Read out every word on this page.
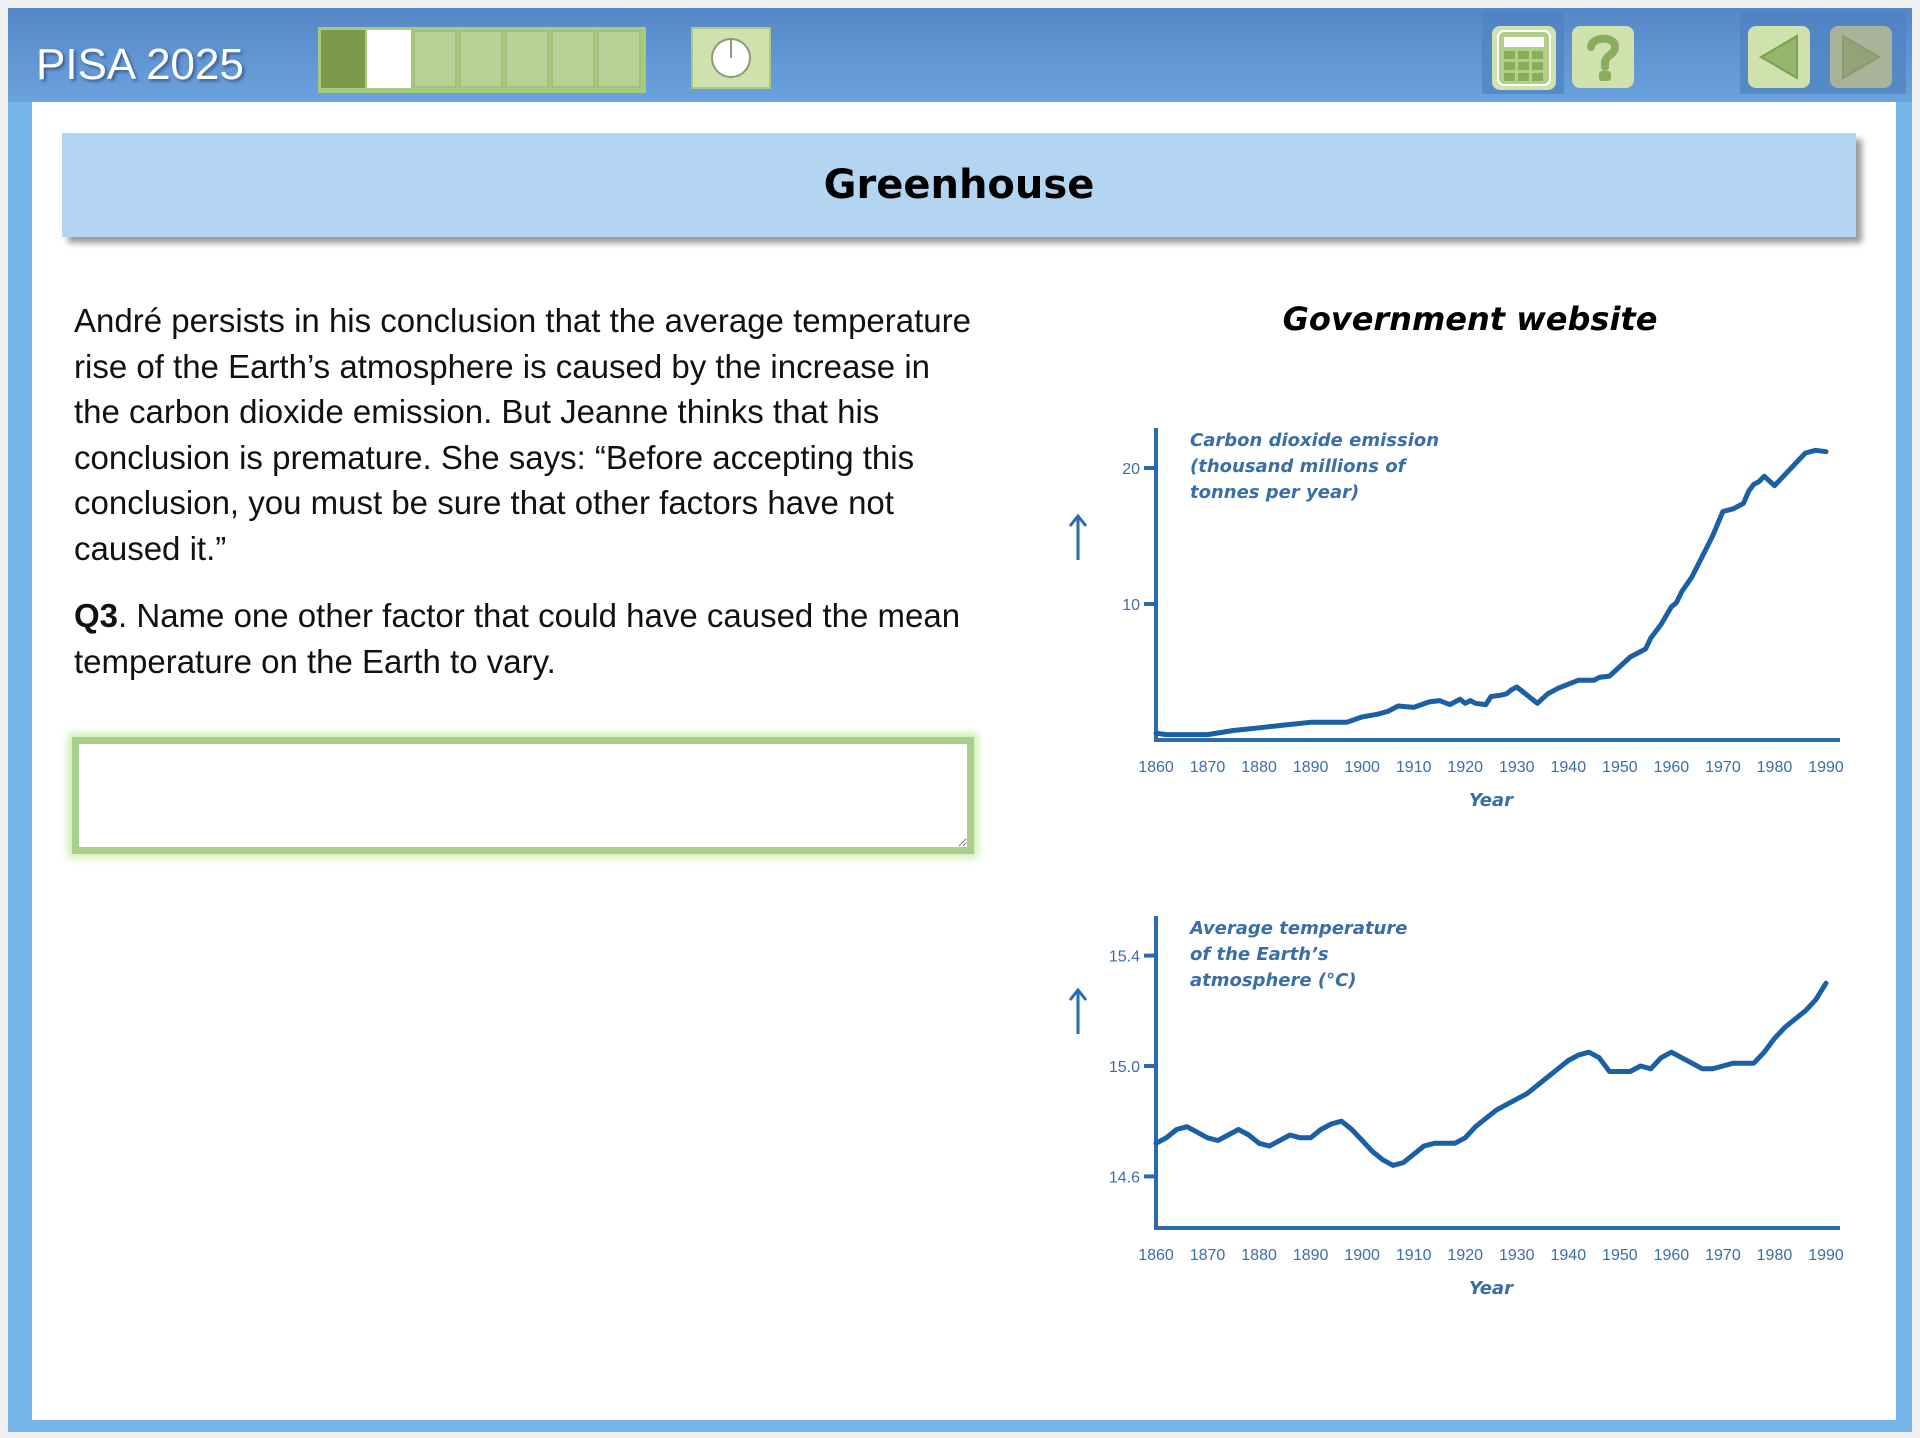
PISA 2025
Greenhouse

André persists in his conclusion that the average temperature rise of the Earth’s atmosphere is caused by the increase in the carbon dioxide emission. But Jeanne thinks that his conclusion is premature. She says: “Before accepting this conclusion, you must be sure that other factors have not caused it.”

Q3. Name one other factor that could have caused the mean temperature on the Earth to vary.

Government website
10
20
1860 1870 1880 1890 1900 1910 1920 1930 1940 1950 1960 1970 1980 1990
Year
Carbon dioxide emission
(thousand millions of
tonnes per year)
14.6
15.0
15.4
1860 1870 1880 1890 1900 1910 1920 1930 1940 1950 1960 1970 1980 1990
Year
Average temperature
of the Earth’s
atmosphere (°C)
